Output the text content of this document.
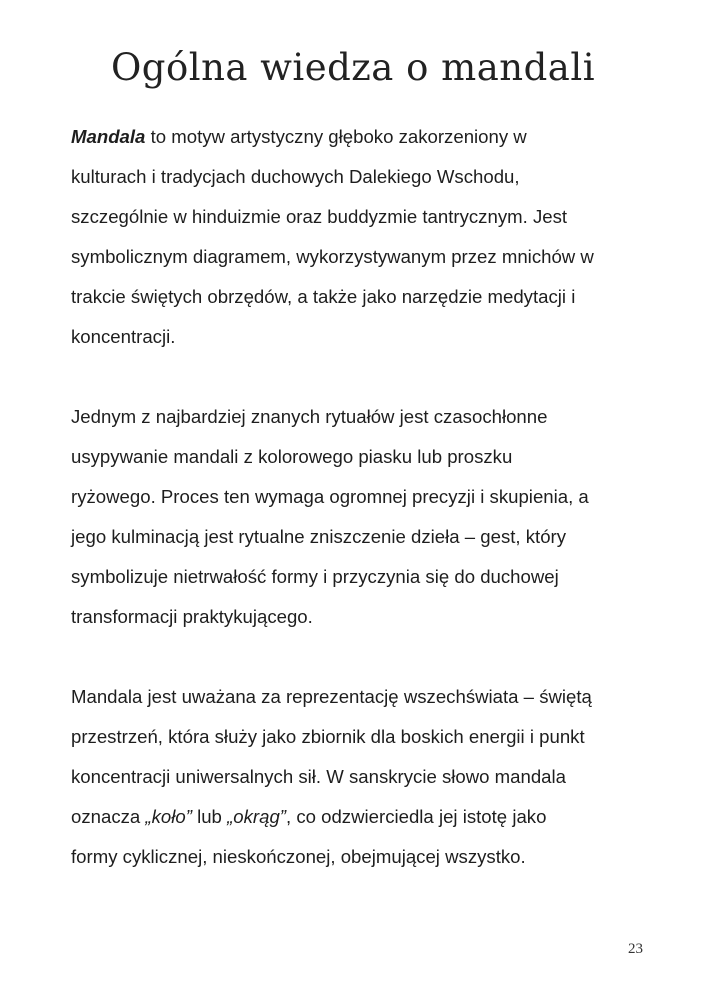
Ogólna wiedza o mandali
Mandala to motyw artystyczny głęboko zakorzeniony w
kulturach i tradycjach duchowych Dalekiego Wschodu,
szczególnie w hinduizmie oraz buddyzmie tantrycznym. Jest
symbolicznym diagramem, wykorzystywanym przez mnichów w
trakcie świętych obrzędów, a także jako narzędzie medytacji i
koncentracji.
Jednym z najbardziej znanych rytuałów jest czasochłonne
usypywanie mandali z kolorowego piasku lub proszku
ryżowego. Proces ten wymaga ogromnej precyzji i skupienia, a
jego kulminacją jest rytualne zniszczenie dzieła – gest, który
symbolizuje nietrwałość formy i przyczynia się do duchowej
transformacji praktykującego.
Mandala jest uważana za reprezentację wszechświata – świętą
przestrzeń, która służy jako zbiornik dla boskich energii i punkt
koncentracji uniwersalnych sił. W sanskrycie słowo mandala
oznacza „koło” lub „okrąg”, co odzwierciedla jej istotę jako
formy cyklicznej, nieskończonej, obejmującej wszystko.
23
